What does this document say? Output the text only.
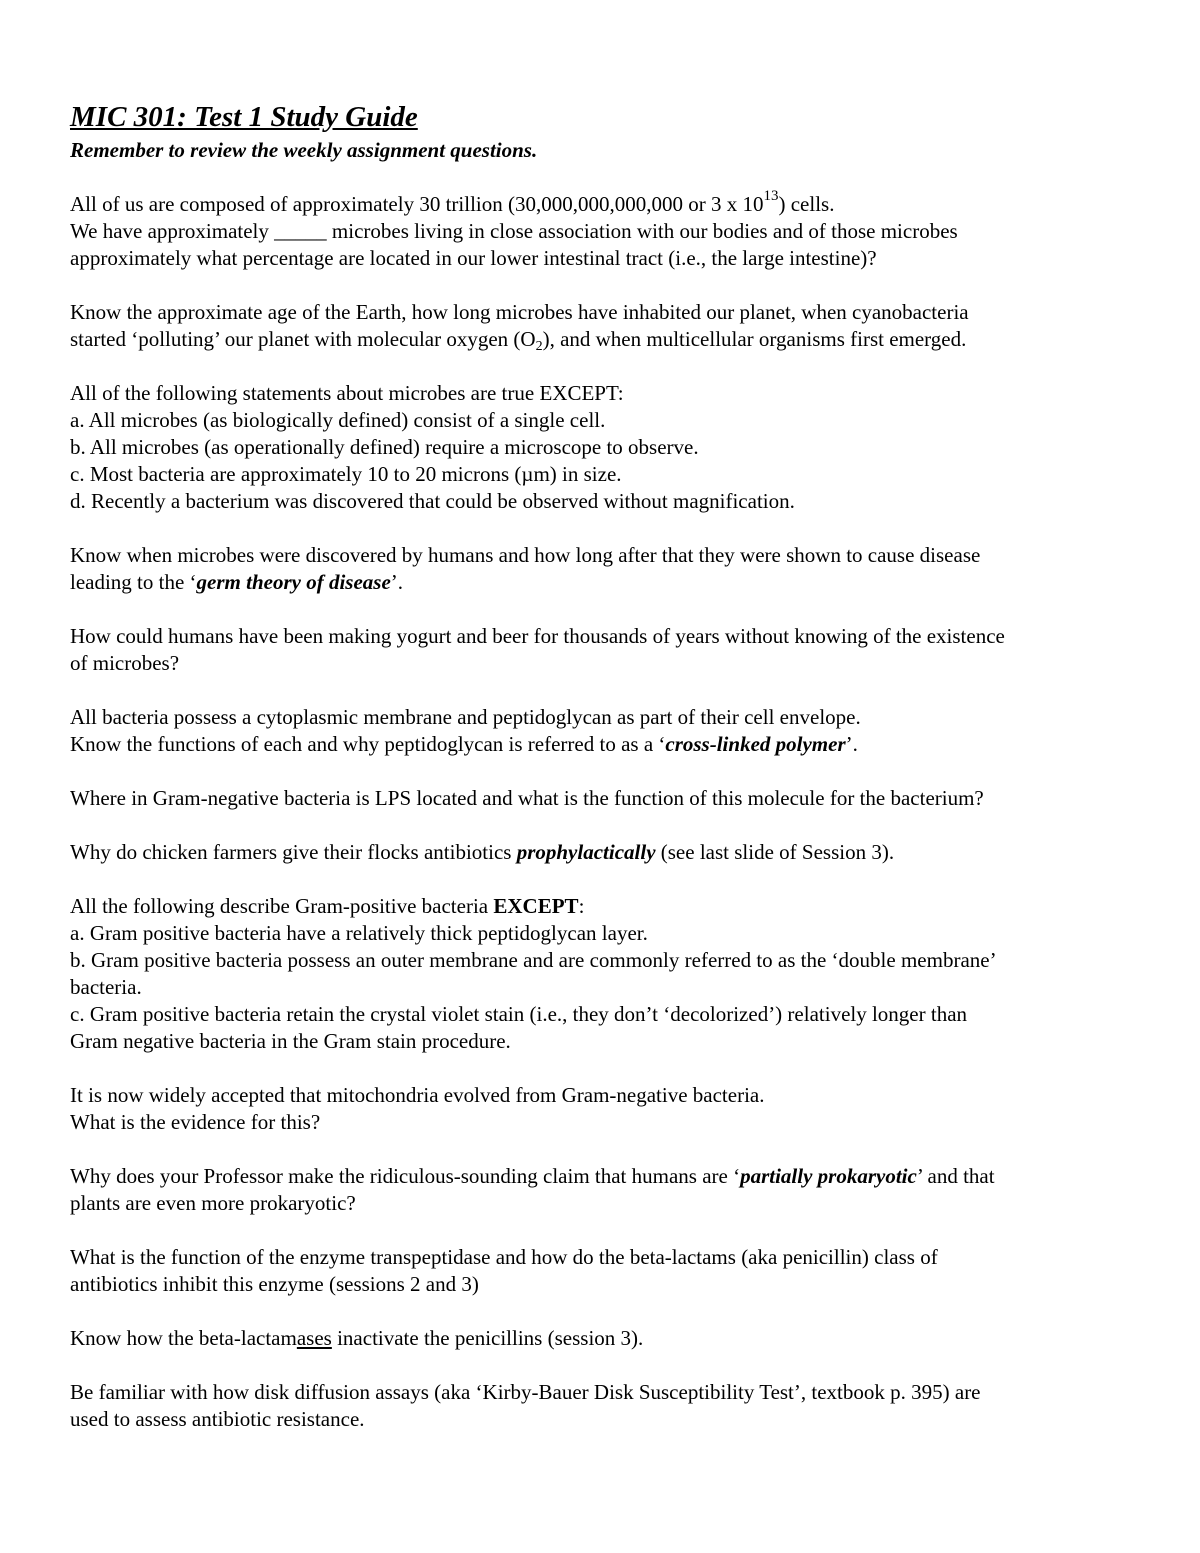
MIC 301: Test 1 Study Guide
Remember to review the weekly assignment questions.
All of us are composed of approximately 30 trillion (30,000,000,000,000 or 3 x $10^{13}$) cells.
We have approximately _____ microbes living in close association with our bodies and of those microbes
approximately what percentage are located in our lower intestinal tract (i.e., the large intestine)?
Know the approximate age of the Earth, how long microbes have inhabited our planet, when cyanobacteria
started ‘polluting’ our planet with molecular oxygen $(O_2)$, and when multicellular organisms first emerged.
All of the following statements about microbes are true EXCEPT:
a. All microbes (as biologically defined) consist of a single cell.
b. All microbes (as operationally defined) require a microscope to observe.
c. Most bacteria are approximately 10 to 20 microns (µm) in size.
d. Recently a bacterium was discovered that could be observed without magnification.
Know when microbes were discovered by humans and how long after that they were shown to cause disease
leading to the ‘germ theory of disease’.
How could humans have been making yogurt and beer for thousands of years without knowing of the existence
of microbes?
All bacteria possess a cytoplasmic membrane and peptidoglycan as part of their cell envelope.
Know the functions of each and why peptidoglycan is referred to as a ‘cross-linked polymer’.
Where in Gram-negative bacteria is LPS located and what is the function of this molecule for the bacterium?
Why do chicken farmers give their flocks antibiotics prophylactically (see last slide of Session 3).
All the following describe Gram-positive bacteria EXCEPT:
a. Gram positive bacteria have a relatively thick peptidoglycan layer.
b. Gram positive bacteria possess an outer membrane and are commonly referred to as the ‘double membrane’
bacteria.
c. Gram positive bacteria retain the crystal violet stain (i.e., they don’t ‘decolorized’) relatively longer than
Gram negative bacteria in the Gram stain procedure.
It is now widely accepted that mitochondria evolved from Gram-negative bacteria.
What is the evidence for this?
Why does your Professor make the ridiculous-sounding claim that humans are ‘partially prokaryotic’ and that
plants are even more prokaryotic?
What is the function of the enzyme transpeptidase and how do the beta-lactams (aka penicillin) class of
antibiotics inhibit this enzyme (sessions 2 and 3)
Know how the beta-lactamases inactivate the penicillins (session 3).
Be familiar with how disk diffusion assays (aka ‘Kirby-Bauer Disk Susceptibility Test’, textbook p. 395) are
used to assess antibiotic resistance.
